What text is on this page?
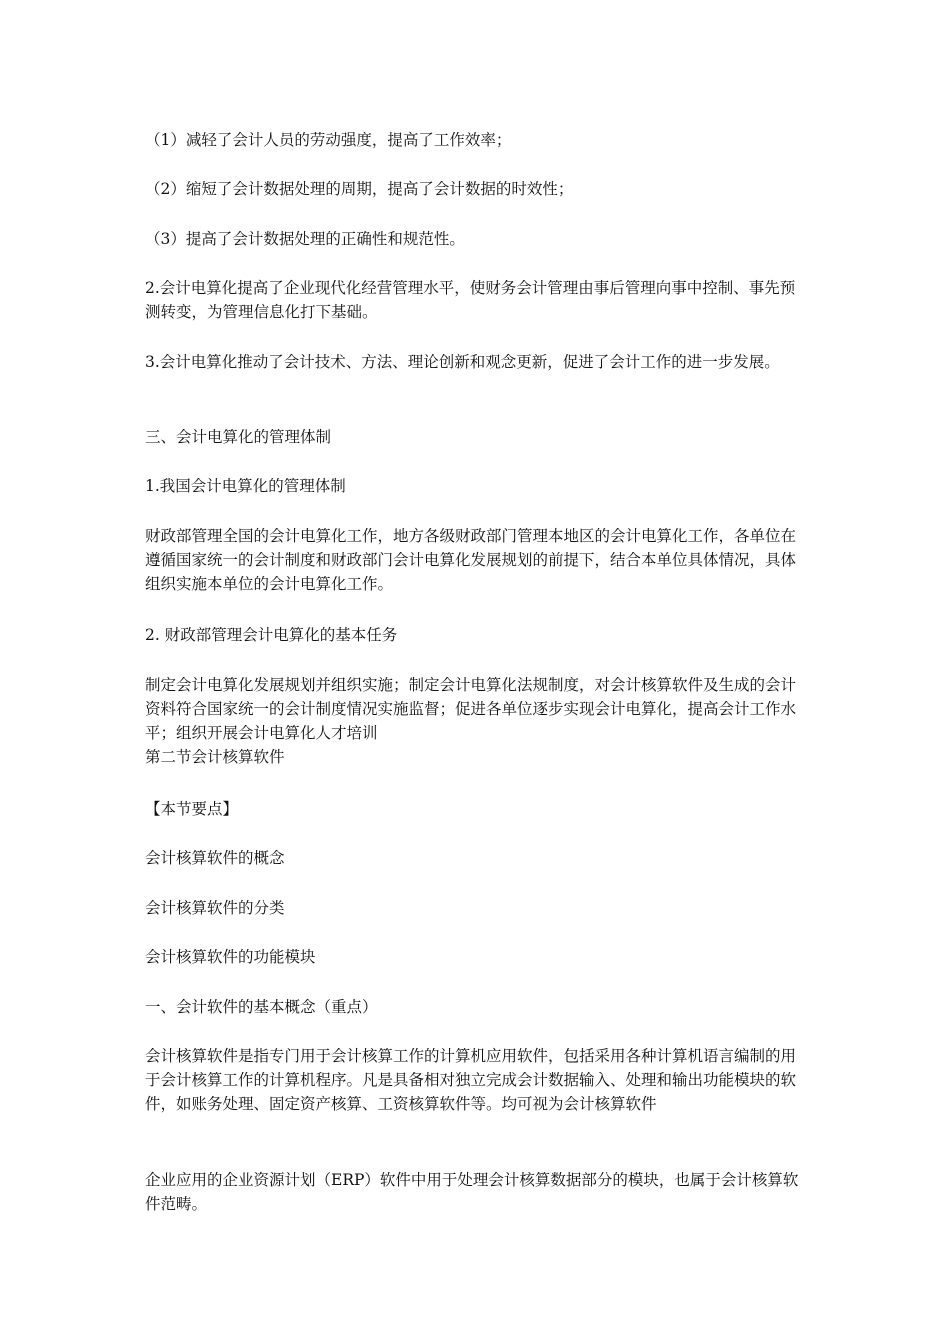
（1）减轻了会计人员的劳动强度，提高了工作效率；

（2）缩短了会计数据处理的周期，提高了会计数据的时效性；

（3）提高了会计数据处理的正确性和规范性。

2.会计电算化提高了企业现代化经营管理水平，使财务会计管理由事后管理向事中控制、事先预测转变，为管理信息化打下基础。

3.会计电算化推动了会计技术、方法、理论创新和观念更新，促进了会计工作的进一步发展。

三、会计电算化的管理体制

1.我国会计电算化的管理体制

财政部管理全国的会计电算化工作，地方各级财政部门管理本地区的会计电算化工作，各单位在遵循国家统一的会计制度和财政部门会计电算化发展规划的前提下，结合本单位具体情况，具体组织实施本单位的会计电算化工作。

2. 财政部管理会计电算化的基本任务

制定会计电算化发展规划并组织实施；制定会计电算化法规制度，对会计核算软件及生成的会计资料符合国家统一的会计制度情况实施监督；促进各单位逐步实现会计电算化，提高会计工作水平；组织开展会计电算化人才培训

第二节会计核算软件

【本节要点】

会计核算软件的概念

会计核算软件的分类

会计核算软件的功能模块

一、会计软件的基本概念（重点）

会计核算软件是指专门用于会计核算工作的计算机应用软件，包括采用各种计算机语言编制的用于会计核算工作的计算机程序。凡是具备相对独立完成会计数据输入、处理和输出功能模块的软件，如账务处理、固定资产核算、工资核算软件等。均可视为会计核算软件

企业应用的企业资源计划（ERP）软件中用于处理会计核算数据部分的模块，也属于会计核算软件范畴。
